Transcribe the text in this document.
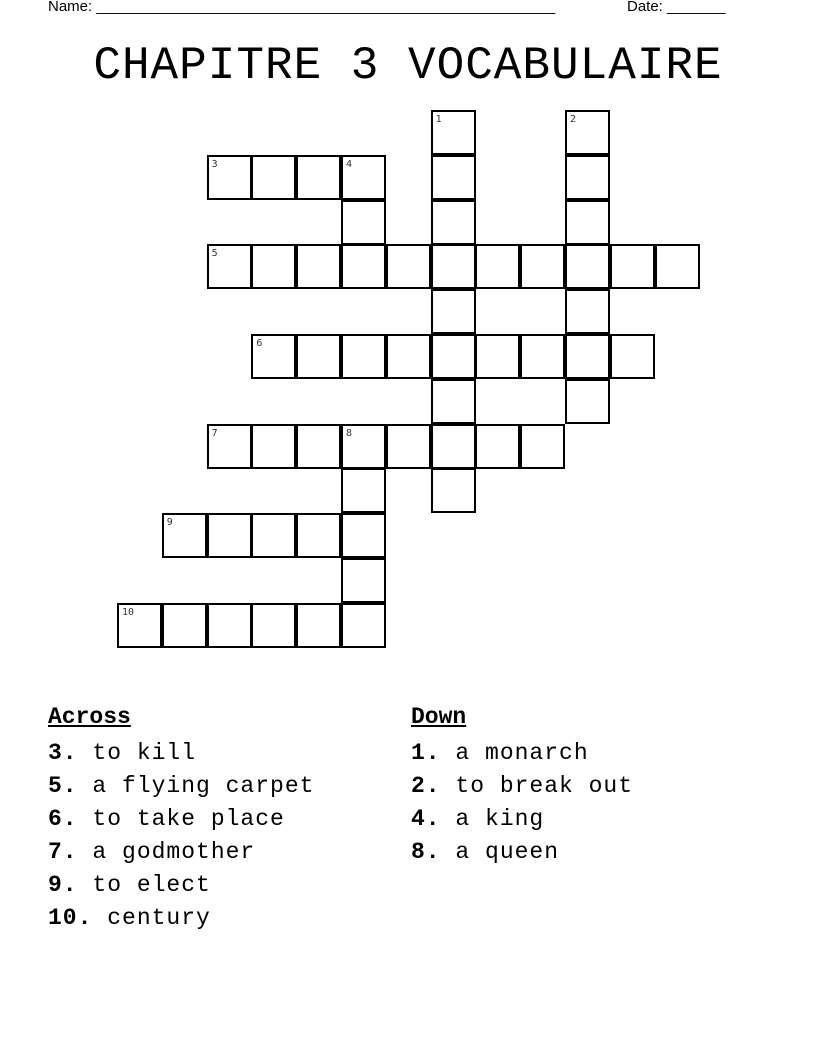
Name: _______________________________________________________	Date: _______
CHAPITRE 3 VOCABULAIRE
1	2
3	4
5
6
7	8
9
10
Across
3. to kill
5. a flying carpet
6. to take place
7. a godmother
9. to elect
10. century
Down
1. a monarch
2. to break out
4. a king
8. a queen
